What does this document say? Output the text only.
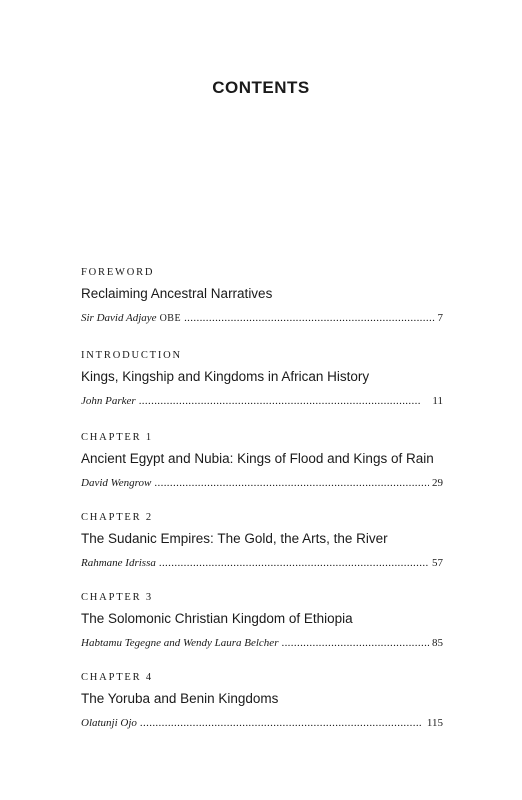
CONTENTS
FOREWORD
Reclaiming Ancestral Narratives
Sir David Adjaye OBE . . .	7
INTRODUCTION
Kings, Kingship and Kingdoms in African History
John Parker . . .	11
CHAPTER 1
Ancient Egypt and Nubia: Kings of Flood and Kings of Rain
David Wengrow . . .	29
CHAPTER 2
The Sudanic Empires: The Gold, the Arts, the River
Rahmane Idrissa . . .	57
CHAPTER 3
The Solomonic Christian Kingdom of Ethiopia
Habtamu Tegegne and Wendy Laura Belcher . . .	85
CHAPTER 4
The Yoruba and Benin Kingdoms
Olatunji Ojo . . .	115
